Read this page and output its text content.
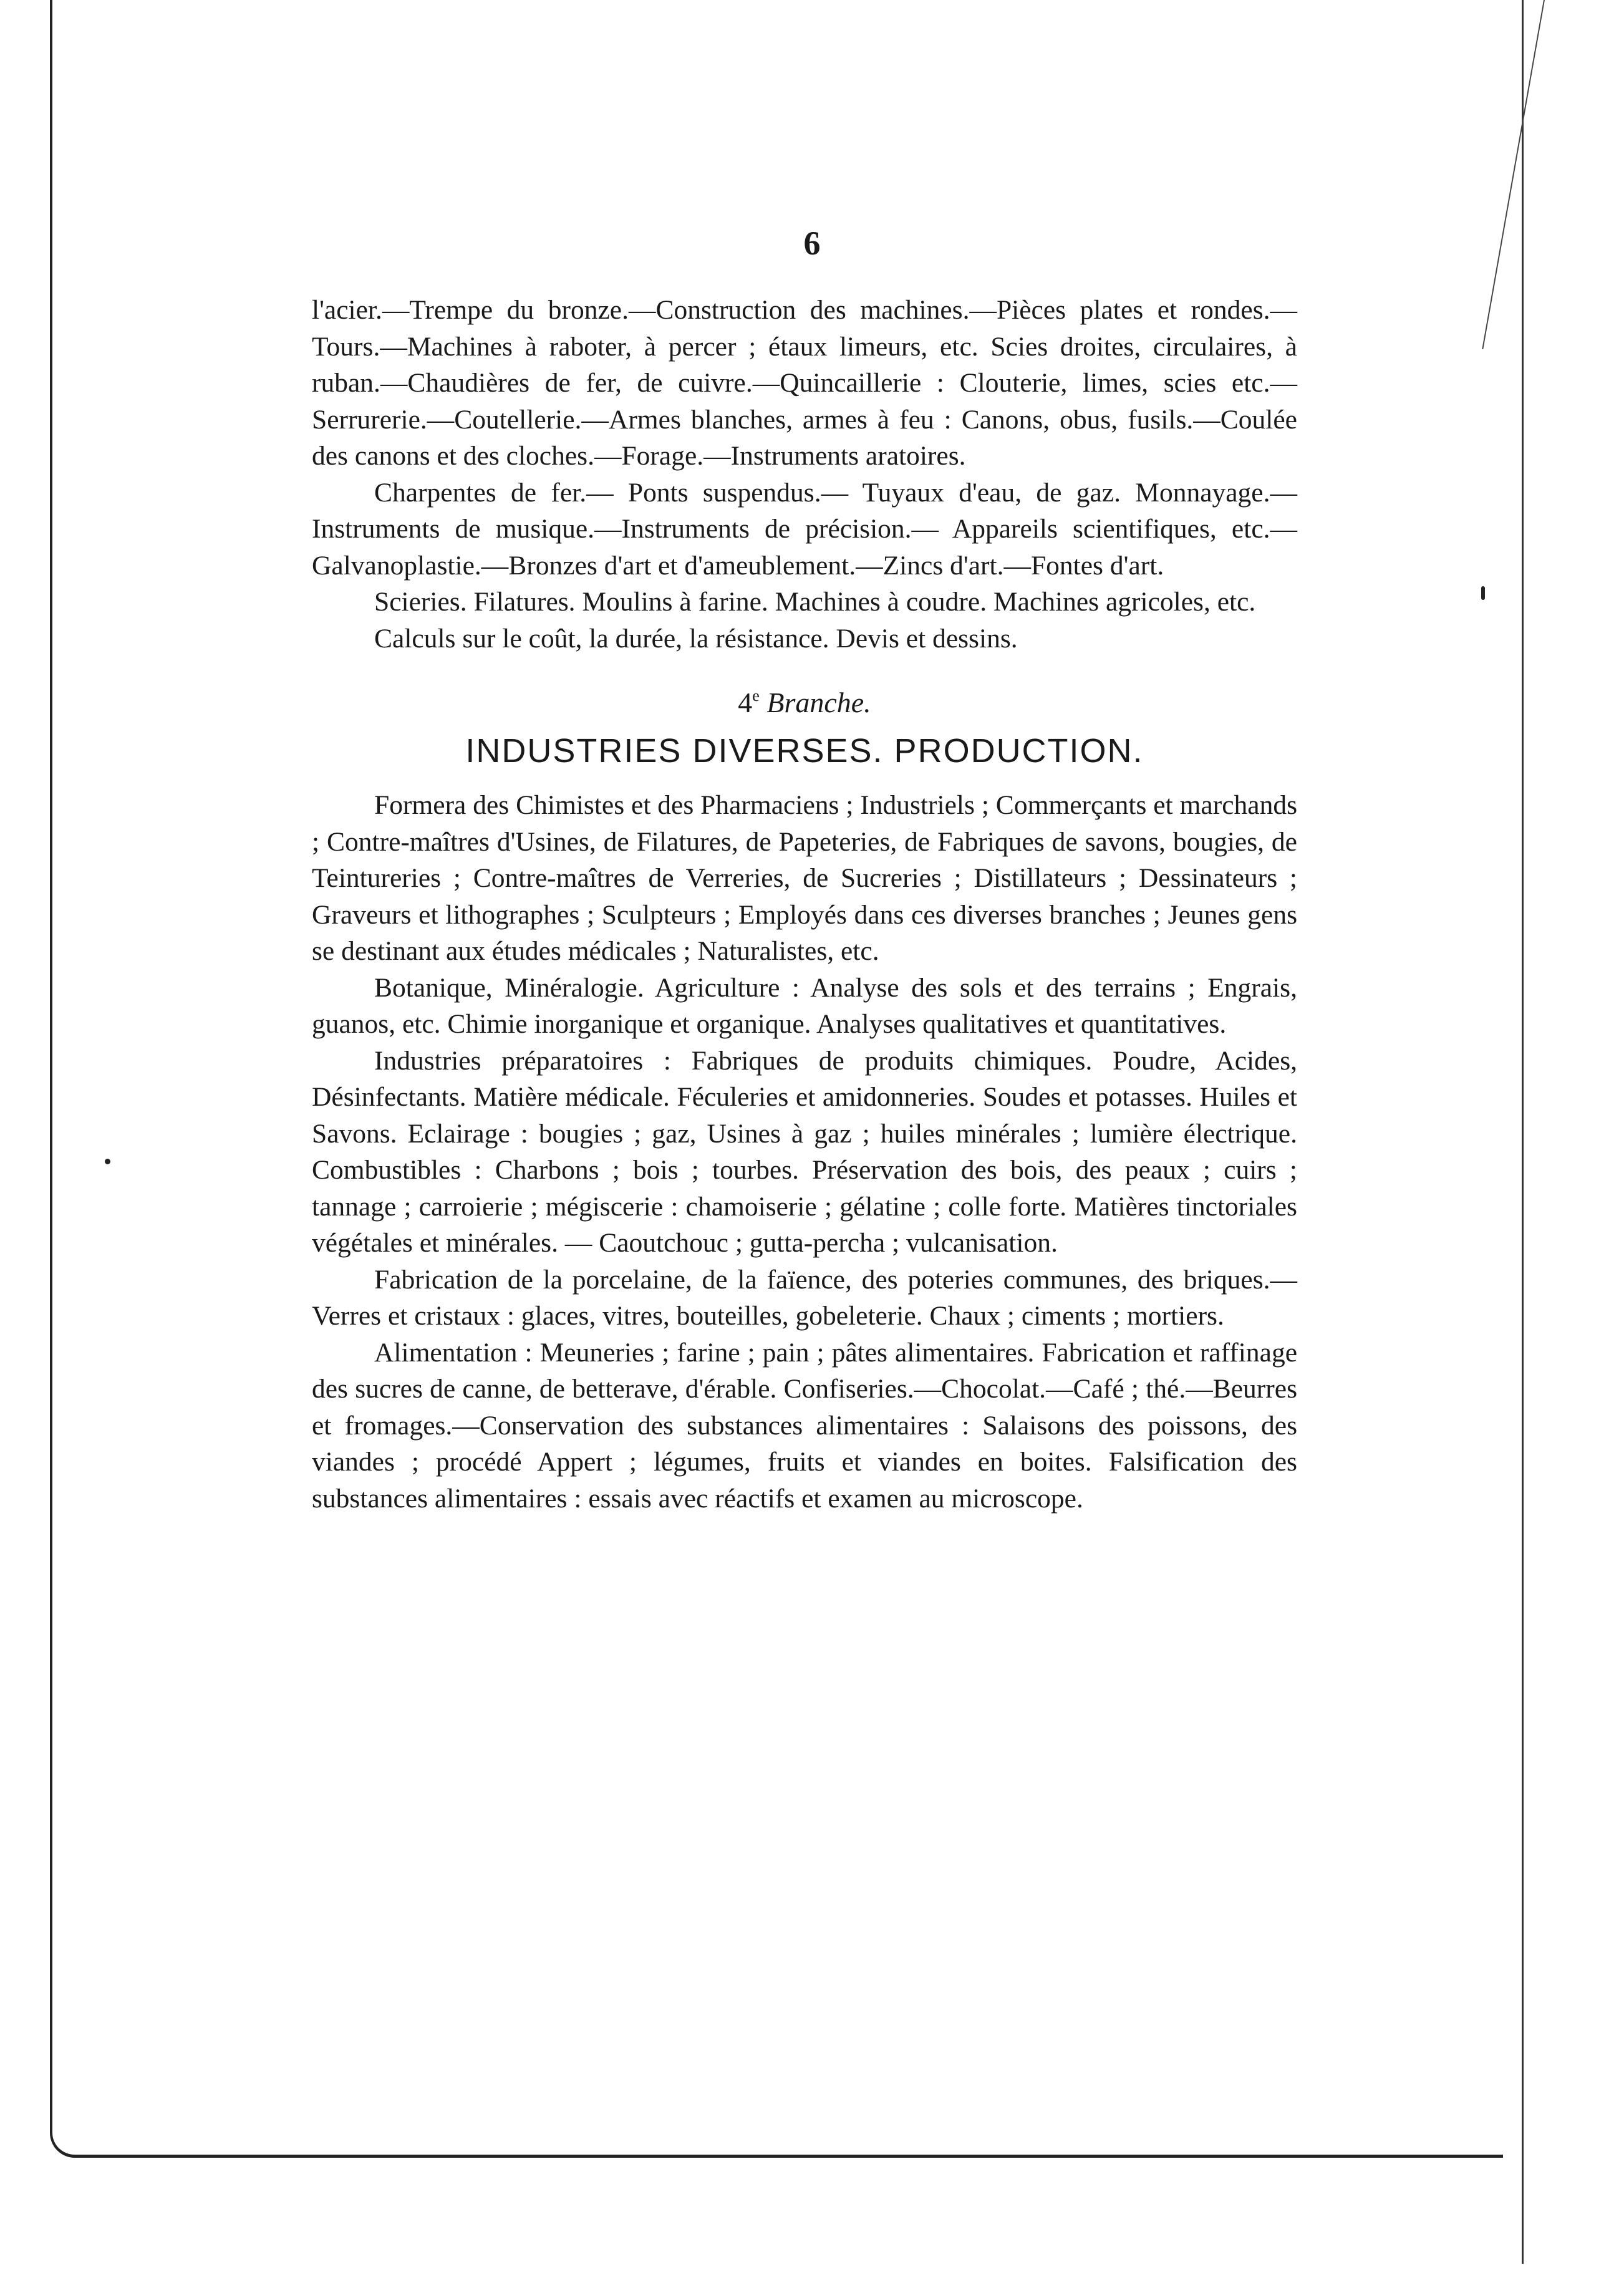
6

l'acier.—Trempe du bronze.—Construction des machines.—Pièces plates et rondes.—Tours.—Machines à raboter, à percer ; étaux limeurs, etc. Scies droites, circulaires, à ruban.—Chaudières de fer, de cuivre.—Quincaillerie : Clouterie, limes, scies etc.—Serrurerie.—Coutellerie.—Armes blanches, armes à feu : Canons, obus, fusils.—Coulée des canons et des cloches.—Forage.—Instruments aratoires.

Charpentes de fer.— Ponts suspendus.— Tuyaux d'eau, de gaz. Monnayage.—Instruments de musique.—Instruments de précision.— Appareils scientifiques, etc.—Galvanoplastie.—Bronzes d'art et d'ameublement.—Zincs d'art.—Fontes d'art.

Scieries. Filatures. Moulins à farine. Machines à coudre. Machines agricoles, etc.

Calculs sur le coût, la durée, la résistance. Devis et dessins.

4e Branche.

INDUSTRIES DIVERSES. PRODUCTION.

Formera des Chimistes et des Pharmaciens ; Industriels ; Commerçants et marchands ; Contre-maîtres d'Usines, de Filatures, de Papeteries, de Fabriques de savons, bougies, de Teintureries ; Contre-maîtres de Verreries, de Sucreries ; Distillateurs ; Dessinateurs ; Graveurs et lithographes ; Sculpteurs ; Employés dans ces diverses branches ; Jeunes gens se destinant aux études médicales ; Naturalistes, etc.

Botanique, Minéralogie. Agriculture : Analyse des sols et des terrains ; Engrais, guanos, etc. Chimie inorganique et organique. Analyses qualitatives et quantitatives.

Industries préparatoires : Fabriques de produits chimiques. Poudre, Acides, Désinfectants. Matière médicale. Féculeries et amidonneries. Soudes et potasses. Huiles et Savons. Eclairage : bougies ; gaz, Usines à gaz ; huiles minérales ; lumière électrique. Combustibles : Charbons ; bois ; tourbes. Préservation des bois, des peaux ; cuirs ; tannage ; carroierie ; mégiscerie : chamoiserie ; gélatine ; colle forte. Matières tinctoriales végétales et minérales. — Caoutchouc ; gutta-percha ; vulcanisation.

Fabrication de la porcelaine, de la faïence, des poteries communes, des briques.—Verres et cristaux : glaces, vitres, bouteilles, gobeleterie. Chaux ; ciments ; mortiers.

Alimentation : Meuneries ; farine ; pain ; pâtes alimentaires. Fabrication et raffinage des sucres de canne, de betterave, d'érable. Confiseries.—Chocolat.—Café ; thé.—Beurres et fromages.—Conservation des substances alimentaires : Salaisons des poissons, des viandes ; procédé Appert ; légumes, fruits et viandes en boites. Falsification des substances alimentaires : essais avec réactifs et examen au microscope.
